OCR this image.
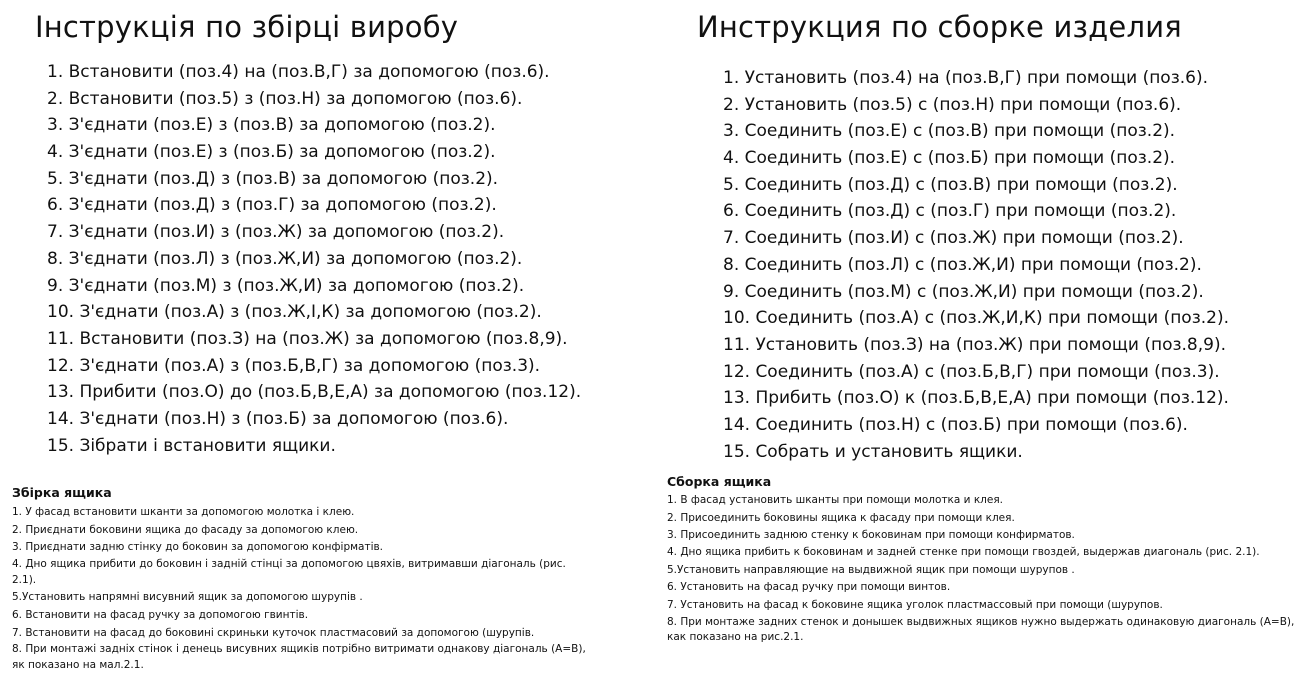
Інструкція по збірці виробу
1. Встановити (поз.4) на (поз.В,Г) за допомогою (поз.6).
2. Встановити (поз.5) з (поз.Н) за допомогою (поз.6).
3. З'єднати (поз.Е) з (поз.В) за допомогою (поз.2).
4. З'єднати (поз.Е) з (поз.Б) за допомогою (поз.2).
5. З'єднати (поз.Д) з (поз.В) за допомогою (поз.2).
6. З'єднати (поз.Д) з (поз.Г) за допомогою (поз.2).
7. З'єднати (поз.И) з (поз.Ж) за допомогою (поз.2).
8. З'єднати (поз.Л) з (поз.Ж,И) за допомогою (поз.2).
9. З'єднати (поз.М) з (поз.Ж,И) за допомогою (поз.2).
10. З'єднати (поз.А) з (поз.Ж,І,К) за допомогою (поз.2).
11. Встановити (поз.З) на (поз.Ж) за допомогою (поз.8,9).
12. З'єднати (поз.А) з (поз.Б,В,Г) за допомогою (поз.3).
13. Прибити (поз.О) до (поз.Б,В,Е,А) за допомогою (поз.12).
14. З'єднати (поз.Н) з (поз.Б) за допомогою (поз.6).
15. Зібрати і встановити ящики.
Збірка ящика
1. У фасад встановити шканти за допомогою молотка і клею.
2. Приєднати боковини ящика до фасаду за допомогою клею.
3. Приєднати задню стінку до боковин за допомогою конфірматів.
4. Дно ящика прибити до боковин і задній стінці за допомогою цвяхів, витримавши діагональ (рис. 2.1).
5.Установить напрямні висувний ящик за допомогою шурупів .
6. Встановити на фасад ручку за допомогою гвинтів.
7. Встановити на фасад до боковині скриньки куточок пластмасовий за допомогою (шурупів.
8. При монтажі задніх стінок і денець висувних ящиків потрібно витримати однакову діагональ (А=В), як показано на мал.2.1.
Инструкция по сборке изделия
1. Установить (поз.4) на (поз.В,Г) при помощи (поз.6).
2. Установить (поз.5) с (поз.Н) при помощи (поз.6).
3. Соединить (поз.Е) с (поз.В) при помощи (поз.2).
4. Соединить (поз.Е) с (поз.Б) при помощи (поз.2).
5. Соединить (поз.Д) с (поз.В) при помощи (поз.2).
6. Соединить (поз.Д) с (поз.Г) при помощи (поз.2).
7. Соединить (поз.И) с (поз.Ж) при помощи (поз.2).
8. Соединить (поз.Л) с (поз.Ж,И) при помощи (поз.2).
9. Соединить (поз.М) с (поз.Ж,И) при помощи (поз.2).
10. Соединить (поз.А) с (поз.Ж,И,К) при помощи (поз.2).
11. Установить (поз.З) на (поз.Ж) при помощи (поз.8,9).
12. Соединить (поз.А) с (поз.Б,В,Г) при помощи (поз.3).
13. Прибить (поз.О) к (поз.Б,В,Е,А) при помощи (поз.12).
14. Соединить (поз.Н) с (поз.Б) при помощи (поз.6).
15. Собрать и установить ящики.
Сборка ящика
1. В фасад установить шканты при помощи молотка и клея.
2. Присоединить боковины ящика к фасаду при помощи клея.
3. Присоединить заднюю стенку к боковинам при помощи конфирматов.
4. Дно ящика прибить к боковинам и задней стенке при помощи гвоздей, выдержав диагональ (рис. 2.1).
5.Установить направляющие на выдвижной ящик при помощи шурупов .
6. Установить на фасад ручку при помощи винтов.
7. Установить на фасад к боковине ящика уголок пластмассовый при помощи (шурупов.
8. При монтаже задних стенок и донышек выдвижных ящиков нужно выдержать одинаковую диагональ (А=В), как показано на рис.2.1.
